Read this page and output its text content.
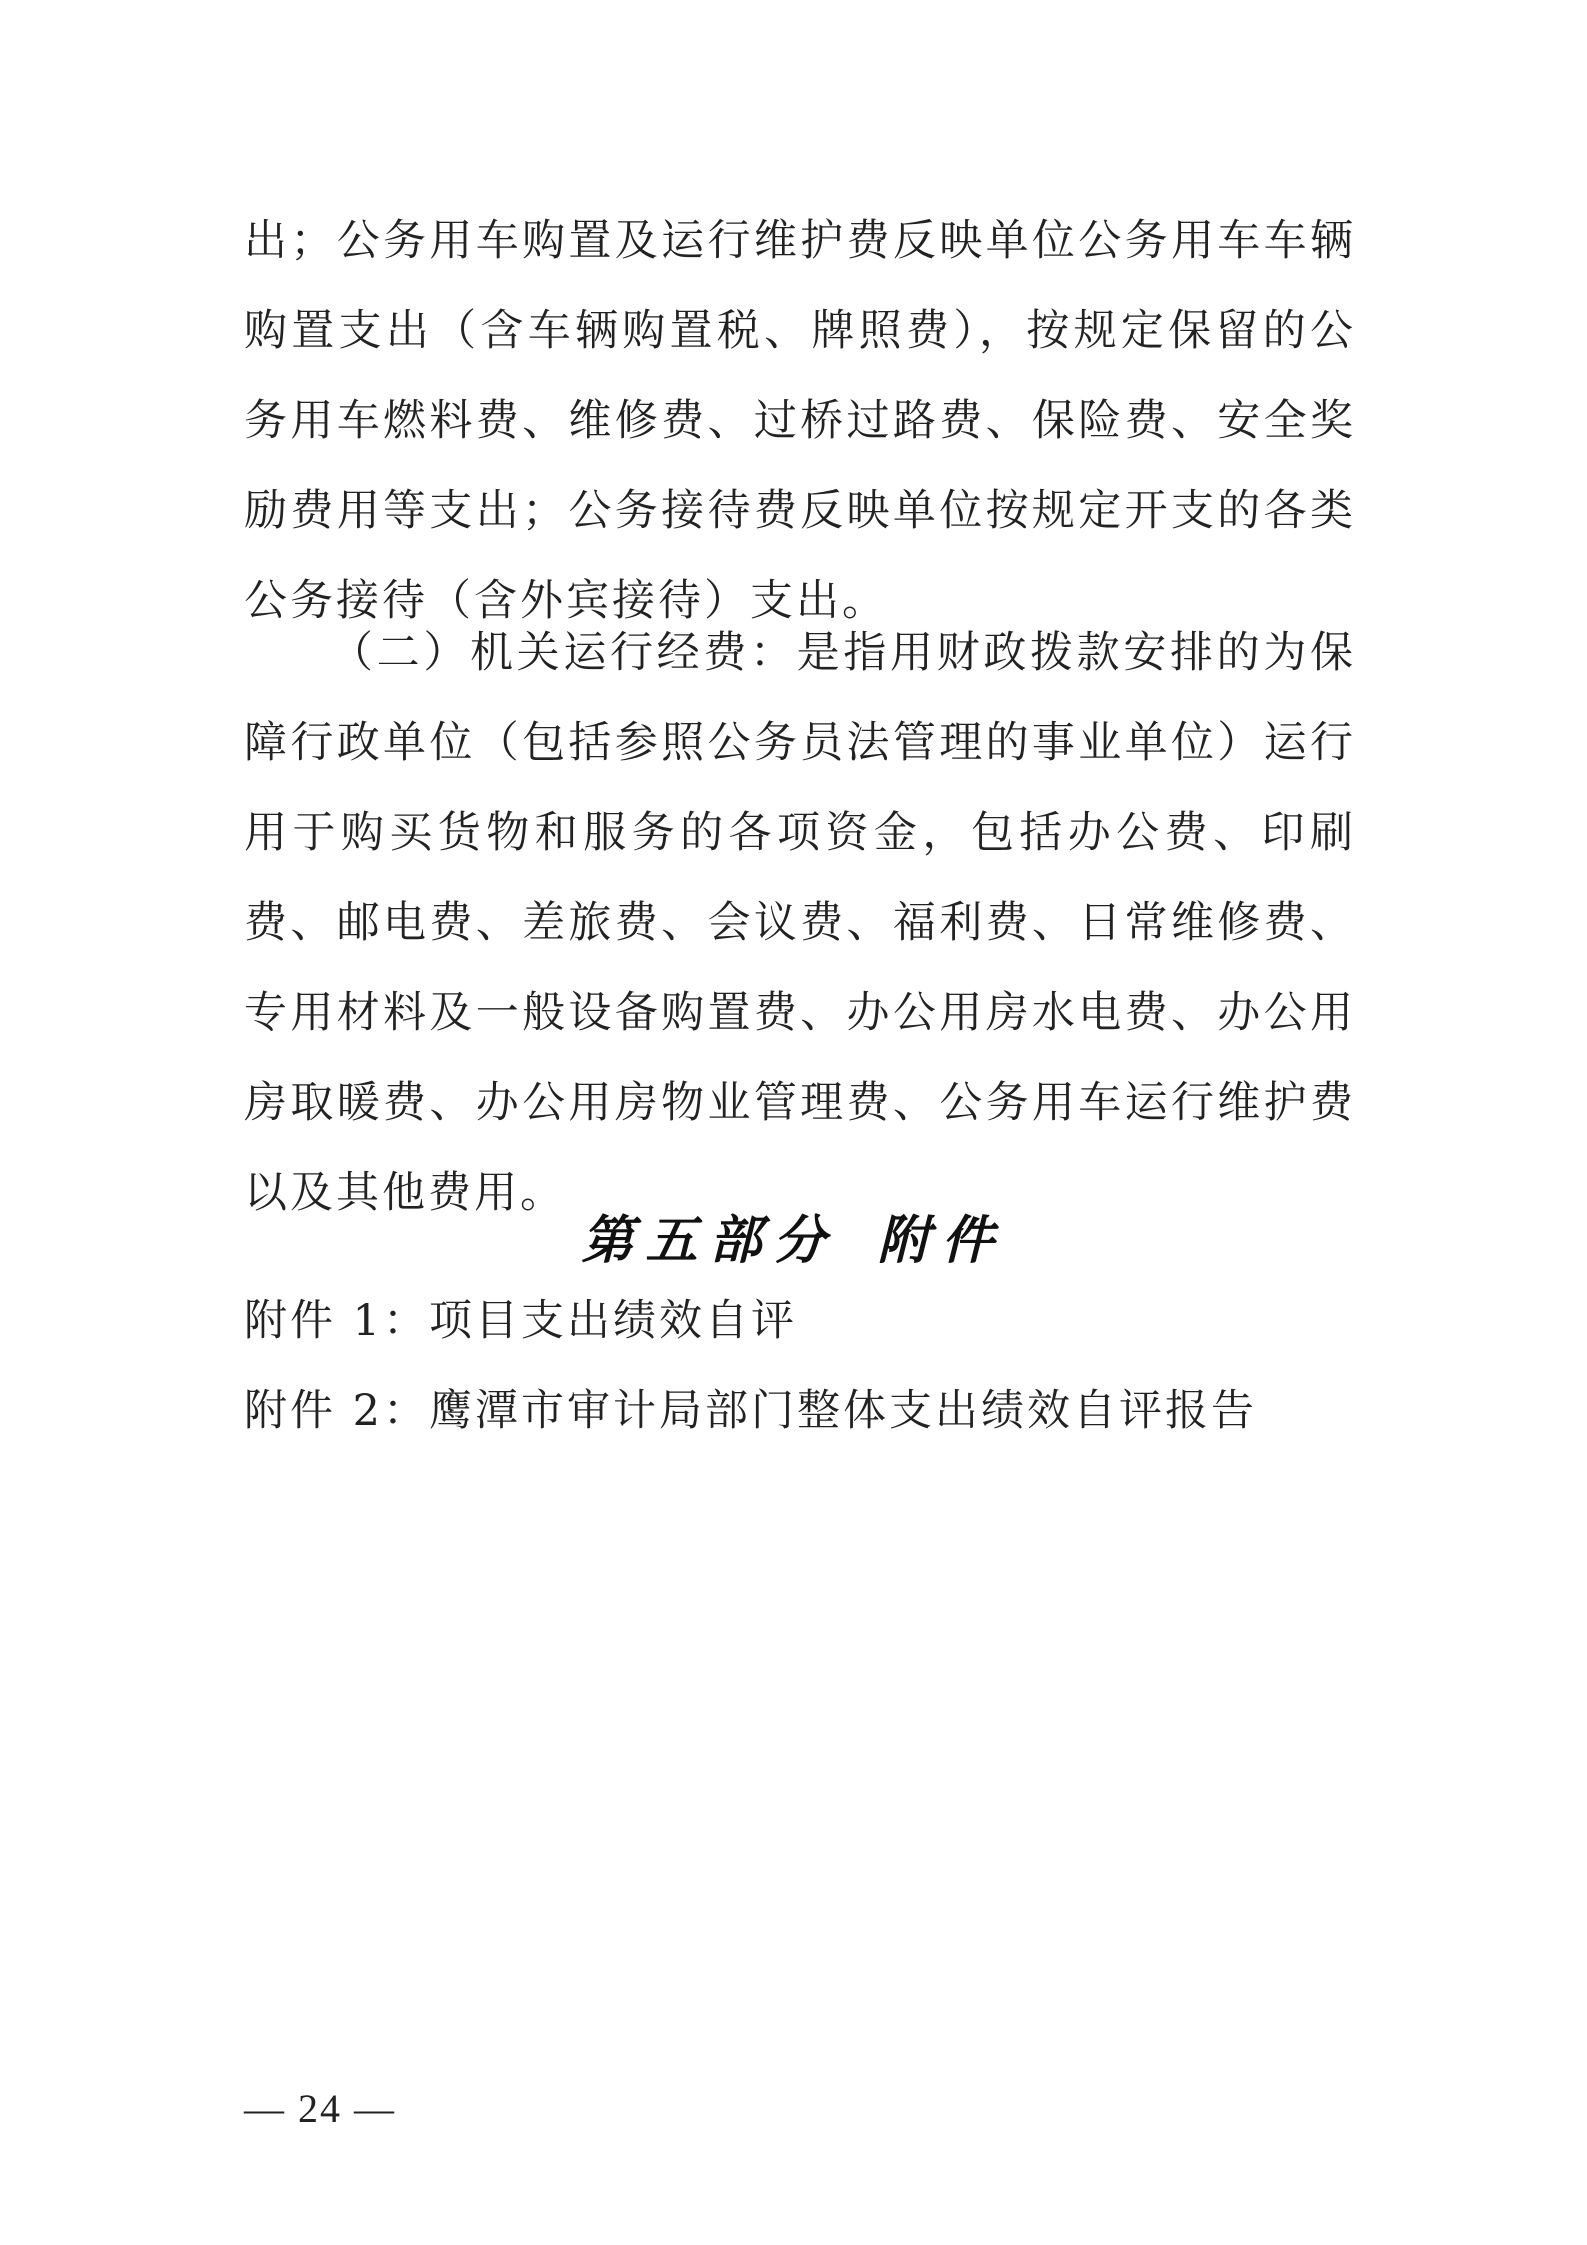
出；公务用车购置及运行维护费反映单位公务用车车辆购置支出（含车辆购置税、牌照费），按规定保留的公务用车燃料费、维修费、过桥过路费、保险费、安全奖励费用等支出；公务接待费反映单位按规定开支的各类公务接待（含外宾接待）支出。

（二）机关运行经费：是指用财政拨款安排的为保障行政单位（包括参照公务员法管理的事业单位）运行用于购买货物和服务的各项资金，包括办公费、印刷费、邮电费、差旅费、会议费、福利费、日常维修费、专用材料及一般设备购置费、办公用房水电费、办公用房取暖费、办公用房物业管理费、公务用车运行维护费以及其他费用。

第五部分 附件
附件 1：项目支出绩效自评
附件 2：鹰潭市审计局部门整体支出绩效自评报告
— 24 —
